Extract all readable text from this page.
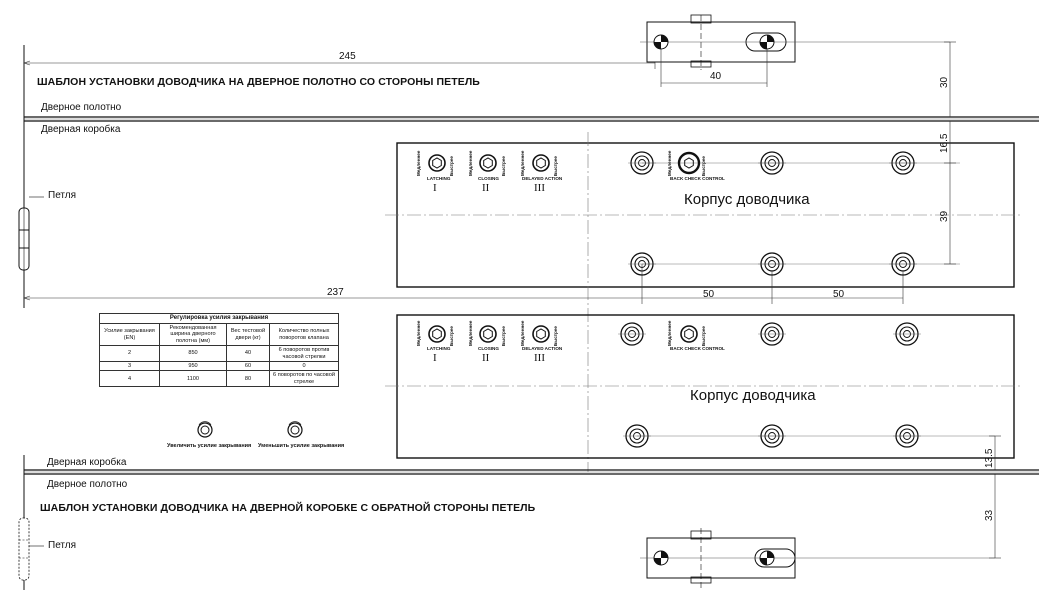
ШАБЛОН УСТАНОВКИ ДОВОДЧИКА НА ДВЕРНОЕ ПОЛОТНО СО СТОРОНЫ ПЕТЕЛЬ
Дверное полотно
Дверная коробка
Петля
245
40
30
16.5
39
237	50	50
13.5
33
Корпус доводчика
Корпус доводчика
Дверная коробка
Дверное полотно
ШАБЛОН УСТАНОВКИ ДОВОДЧИКА НА ДВЕРНОЙ КОРОБКЕ С ОБРАТНОЙ СТОРОНЫ ПЕТЕЛЬ
Петля
Регулировка усилия закрывания			
Усилие закрывания (EN)	Рекомендованная ширина дверного полотна (мм)	Вес тестовой двери (кг)	Количество полных поворотов клапана
2	850	40	6 поворотов против часовой стрелки
3	950	60	0
4	1100	80	6 поворотов по часовой стрелке
Увеличить усилие закрывания Уменьшить усилие закрывания
Медленнее	Быстрее
LATCHING
I
Медленнее	Быстрее
CLOSING
II
Медленнее	Быстрее
DELAYED ACTION
III
Медленнее	Быстрее
BACK CHECK CONTROL
Медленнее	Быстрее
LATCHING
I
Медленнее	Быстрее
CLOSING
II
Медленнее	Быстрее
DELAYED ACTION
III
Медленнее	Быстрее
BACK CHECK CONTROL
